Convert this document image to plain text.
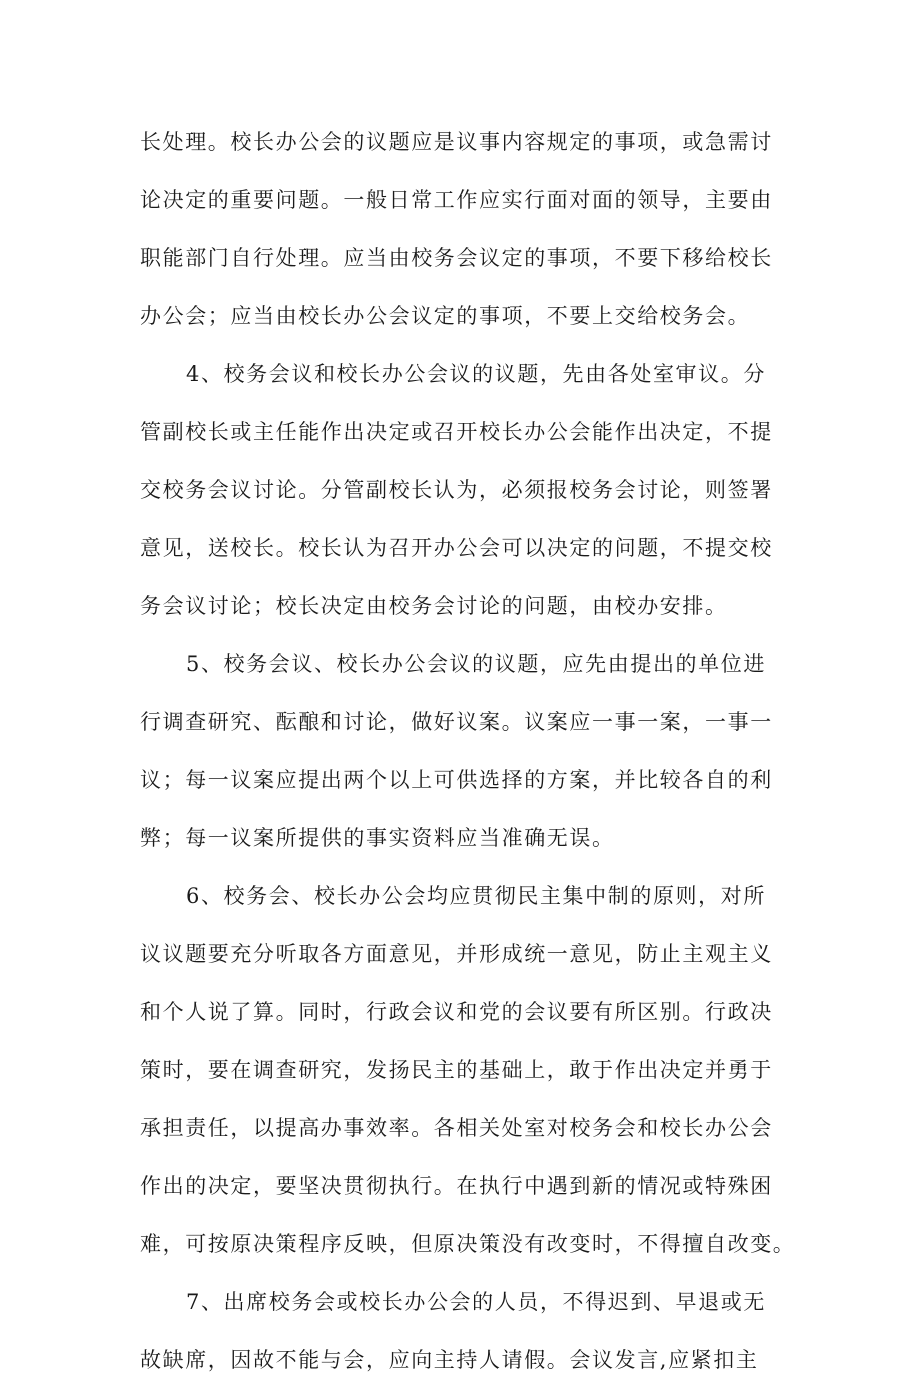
长处理。校长办公会的议题应是议事内容规定的事项，或急需讨
论决定的重要问题。一般日常工作应实行面对面的领导，主要由
职能部门自行处理。应当由校务会议定的事项，不要下移给校长
办公会；应当由校长办公会议定的事项，不要上交给校务会。
4、校务会议和校长办公会议的议题，先由各处室审议。分
管副校长或主任能作出决定或召开校长办公会能作出决定，不提
交校务会议讨论。分管副校长认为，必须报校务会讨论，则签署
意见，送校长。校长认为召开办公会可以决定的问题，不提交校
务会议讨论；校长决定由校务会讨论的问题，由校办安排。
5、校务会议、校长办公会议的议题，应先由提出的单位进
行调查研究、酝酿和讨论，做好议案。议案应一事一案，一事一
议；每一议案应提出两个以上可供选择的方案，并比较各自的利
弊；每一议案所提供的事实资料应当准确无误。
6、校务会、校长办公会均应贯彻民主集中制的原则，对所
议议题要充分听取各方面意见，并形成统一意见，防止主观主义
和个人说了算。同时，行政会议和党的会议要有所区别。行政决
策时，要在调查研究，发扬民主的基础上，敢于作出决定并勇于
承担责任，以提高办事效率。各相关处室对校务会和校长办公会
作出的决定，要坚决贯彻执行。在执行中遇到新的情况或特殊困
难，可按原决策程序反映，但原决策没有改变时，不得擅自改变。
7、出席校务会或校长办公会的人员，不得迟到、早退或无
故缺席，因故不能与会，应向主持人请假。会议发言,应紧扣主
